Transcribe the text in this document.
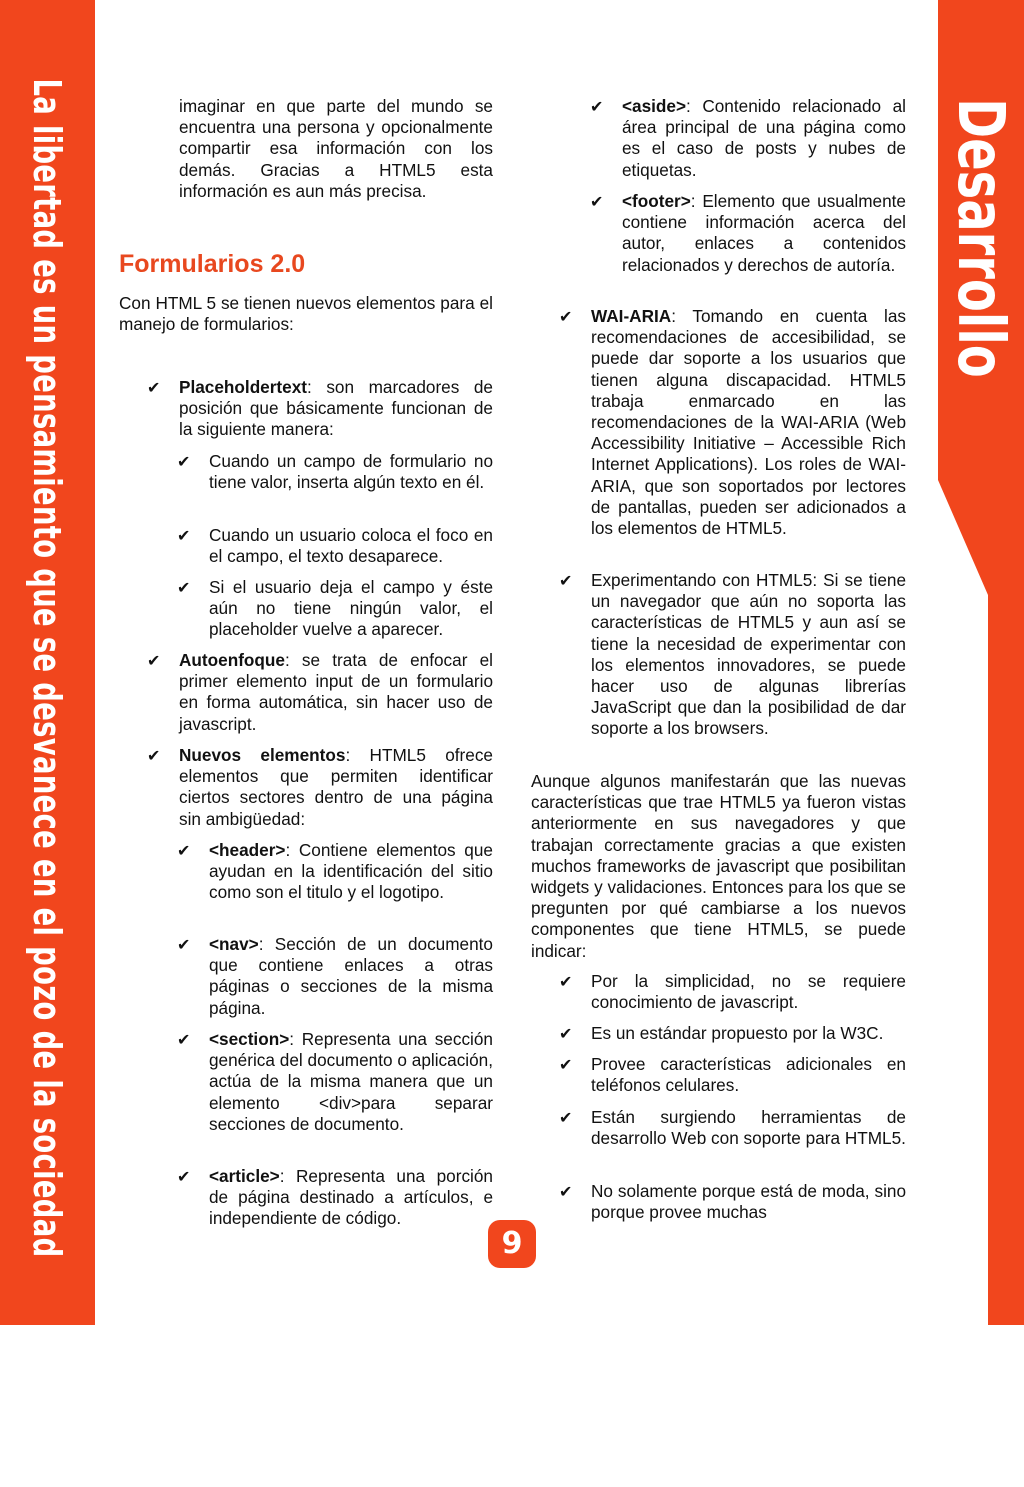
La libertad es un pensamiento que se desvanece en el pozo de la sociedad	Desarrollo

imaginar en que parte del mundo se encuentra una persona y opcionalmente compartir esa información con los demás. Gracias a HTML5 esta información es aun más precisa.

Formularios 2.0

Con HTML 5 se tienen nuevos elementos para el manejo de formularios:

✔ Placeholdertext: son marcadores de posición que básicamente funcionan de la siguiente manera:

✔ Cuando un campo de formulario no tiene valor, inserta algún texto en él.

✔ Cuando un usuario coloca el foco en el campo, el texto desaparece.

✔ Si el usuario deja el campo y éste aún no tiene ningún valor, el placeholder vuelve a aparecer.

✔ Autoenfoque: se trata de enfocar el primer elemento input de un formulario en forma automática, sin hacer uso de javascript.

✔ Nuevos elementos: HTML5 ofrece elementos que permiten identificar ciertos sectores dentro de una página sin ambigüedad:

✔ <header>: Contiene elementos que ayudan en la identificación del sitio como son el titulo y el logotipo.

✔ <nav>: Sección de un documento que contiene enlaces a otras páginas o secciones de la misma página.

✔ <section>: Representa una sección genérica del documento o aplicación, actúa de la misma manera que un elemento <div>para separar secciones de documento.

✔ <article>: Representa una porción de página destinado a artículos, e independiente de código.

✔ <aside>: Contenido relacionado al área principal de una página como es el caso de posts y nubes de etiquetas.

✔ <footer>: Elemento que usualmente contiene información acerca del autor, enlaces a contenidos relacionados y derechos de autoría.

✔ WAI-ARIA: Tomando en cuenta las recomendaciones de accesibilidad, se puede dar soporte a los usuarios que tienen alguna discapacidad. HTML5 trabaja enmarcado en las recomendaciones de la WAI-ARIA (Web Accessibility Initiative – Accessible Rich Internet Applications). Los roles de WAI-ARIA, que son soportados por lectores de pantallas, pueden ser adicionados a los elementos de HTML5.

✔ Experimentando con HTML5: Si se tiene un navegador que aún no soporta las características de HTML5 y aun así se tiene la necesidad de experimentar con los elementos innovadores, se puede hacer uso de algunas librerías JavaScript que dan la posibilidad de dar soporte a los browsers.

Aunque algunos manifestarán que las nuevas características que trae HTML5 ya fueron vistas anteriormente en sus navegadores y que trabajan correctamente gracias a que existen muchos frameworks de javascript que posibilitan widgets y validaciones. Entonces para los que se pregunten por qué cambiarse a los nuevos componentes que tiene HTML5, se puede indicar:

✔ Por la simplicidad, no se requiere conocimiento de javascript.

✔ Es un estándar propuesto por la W3C.

✔ Provee características adicionales en teléfonos celulares.

✔ Están surgiendo herramientas de desarrollo Web con soporte para HTML5.

✔ No solamente porque está de moda, sino porque provee muchas

9
